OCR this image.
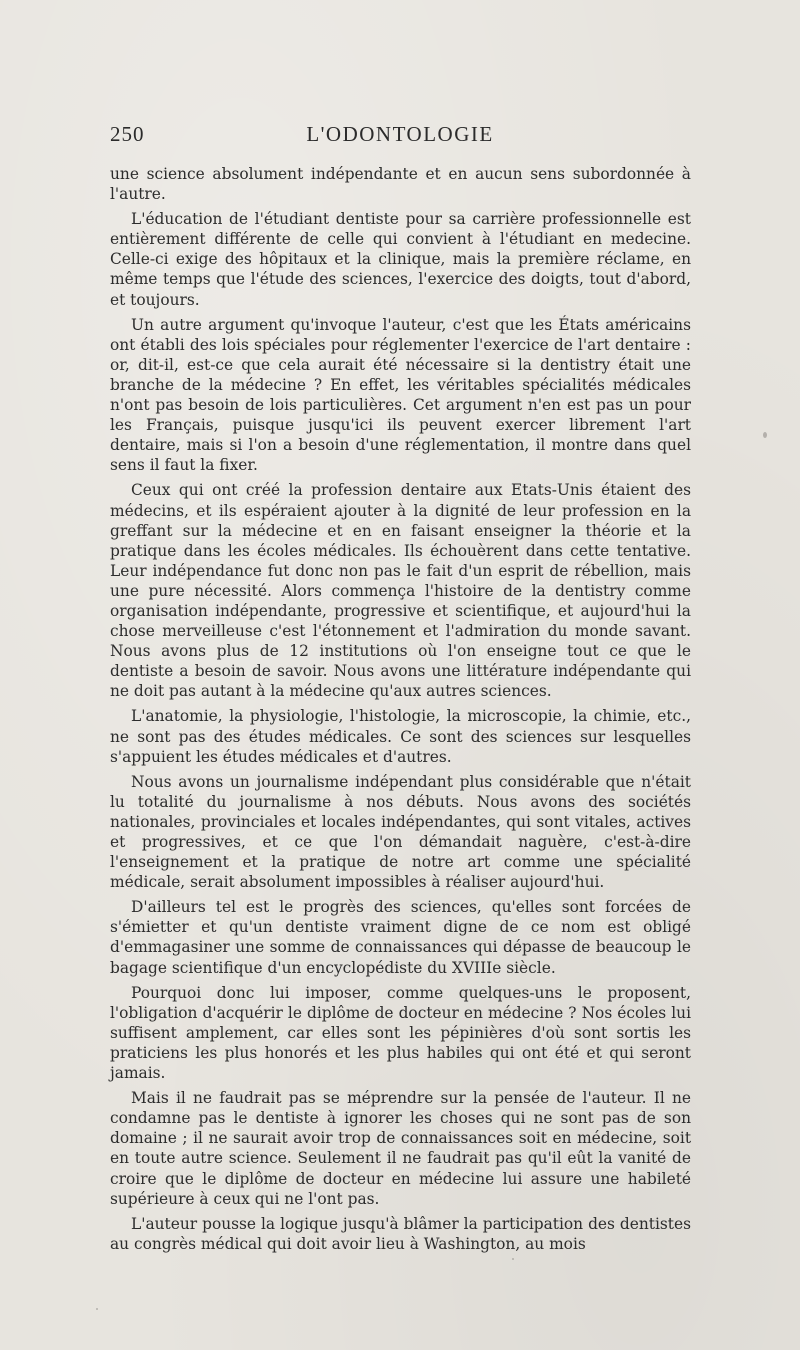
250	L'ODONTOLOGIE

une science absolument indépendante et en aucun sens subordonnée à l'autre.

L'éducation de l'étudiant dentiste pour sa carrière professionnelle est entièrement différente de celle qui convient à l'étudiant en medecine. Celle-ci exige des hôpitaux et la clinique, mais la première réclame, en même temps que l'étude des sciences, l'exercice des doigts, tout d'abord, et toujours.

Un autre argument qu'invoque l'auteur, c'est que les États américains ont établi des lois spéciales pour réglementer l'exercice de l'art dentaire : or, dit-il, est-ce que cela aurait été nécessaire si la dentistry était une branche de la médecine ? En effet, les véritables spécialités médicales n'ont pas besoin de lois particulières. Cet argument n'en est pas un pour les Français, puisque jusqu'ici ils peuvent exercer librement l'art dentaire, mais si l'on a besoin d'une réglementation, il montre dans quel sens il faut la fixer.

Ceux qui ont créé la profession dentaire aux Etats-Unis étaient des médecins, et ils espéraient ajouter à la dignité de leur profession en la greffant sur la médecine et en en faisant enseigner la théorie et la pratique dans les écoles médicales. Ils échouèrent dans cette tentative. Leur indépendance fut donc non pas le fait d'un esprit de rébellion, mais une pure nécessité. Alors commença l'histoire de la dentistry comme organisation indépendante, progressive et scientifique, et aujourd'hui la chose merveilleuse c'est l'étonnement et l'admiration du monde savant. Nous avons plus de 12 institutions où l'on enseigne tout ce que le dentiste a besoin de savoir. Nous avons une littérature indépendante qui ne doit pas autant à la médecine qu'aux autres sciences.

L'anatomie, la physiologie, l'histologie, la microscopie, la chimie, etc., ne sont pas des études médicales. Ce sont des sciences sur lesquelles s'appuient les études médicales et d'autres.

Nous avons un journalisme indépendant plus considérable que n'était lu totalité du journalisme à nos débuts. Nous avons des sociétés nationales, provinciales et locales indépendantes, qui sont vitales, actives et progressives, et ce que l'on démandait naguère, c'est-à-dire l'enseignement et la pratique de notre art comme une spécialité médicale, serait absolument impossibles à réaliser aujourd'hui.

D'ailleurs tel est le progrès des sciences, qu'elles sont forcées de s'émietter et qu'un dentiste vraiment digne de ce nom est obligé d'emmagasiner une somme de connaissances qui dépasse de beaucoup le bagage scientifique d'un encyclopédiste du XVIIIe siècle.

Pourquoi donc lui imposer, comme quelques-uns le proposent, l'obligation d'acquérir le diplôme de docteur en médecine ? Nos écoles lui suffisent amplement, car elles sont les pépinières d'où sont sortis les praticiens les plus honorés et les plus habiles qui ont été et qui seront jamais.

Mais il ne faudrait pas se méprendre sur la pensée de l'auteur. Il ne condamne pas le dentiste à ignorer les choses qui ne sont pas de son domaine ; il ne saurait avoir trop de connaissances soit en médecine, soit en toute autre science. Seulement il ne faudrait pas qu'il eût la vanité de croire que le diplôme de docteur en médecine lui assure une habileté supérieure à ceux qui ne l'ont pas.

L'auteur pousse la logique jusqu'à blâmer la participation des dentistes au congrès médical qui doit avoir lieu à Washington, au mois
